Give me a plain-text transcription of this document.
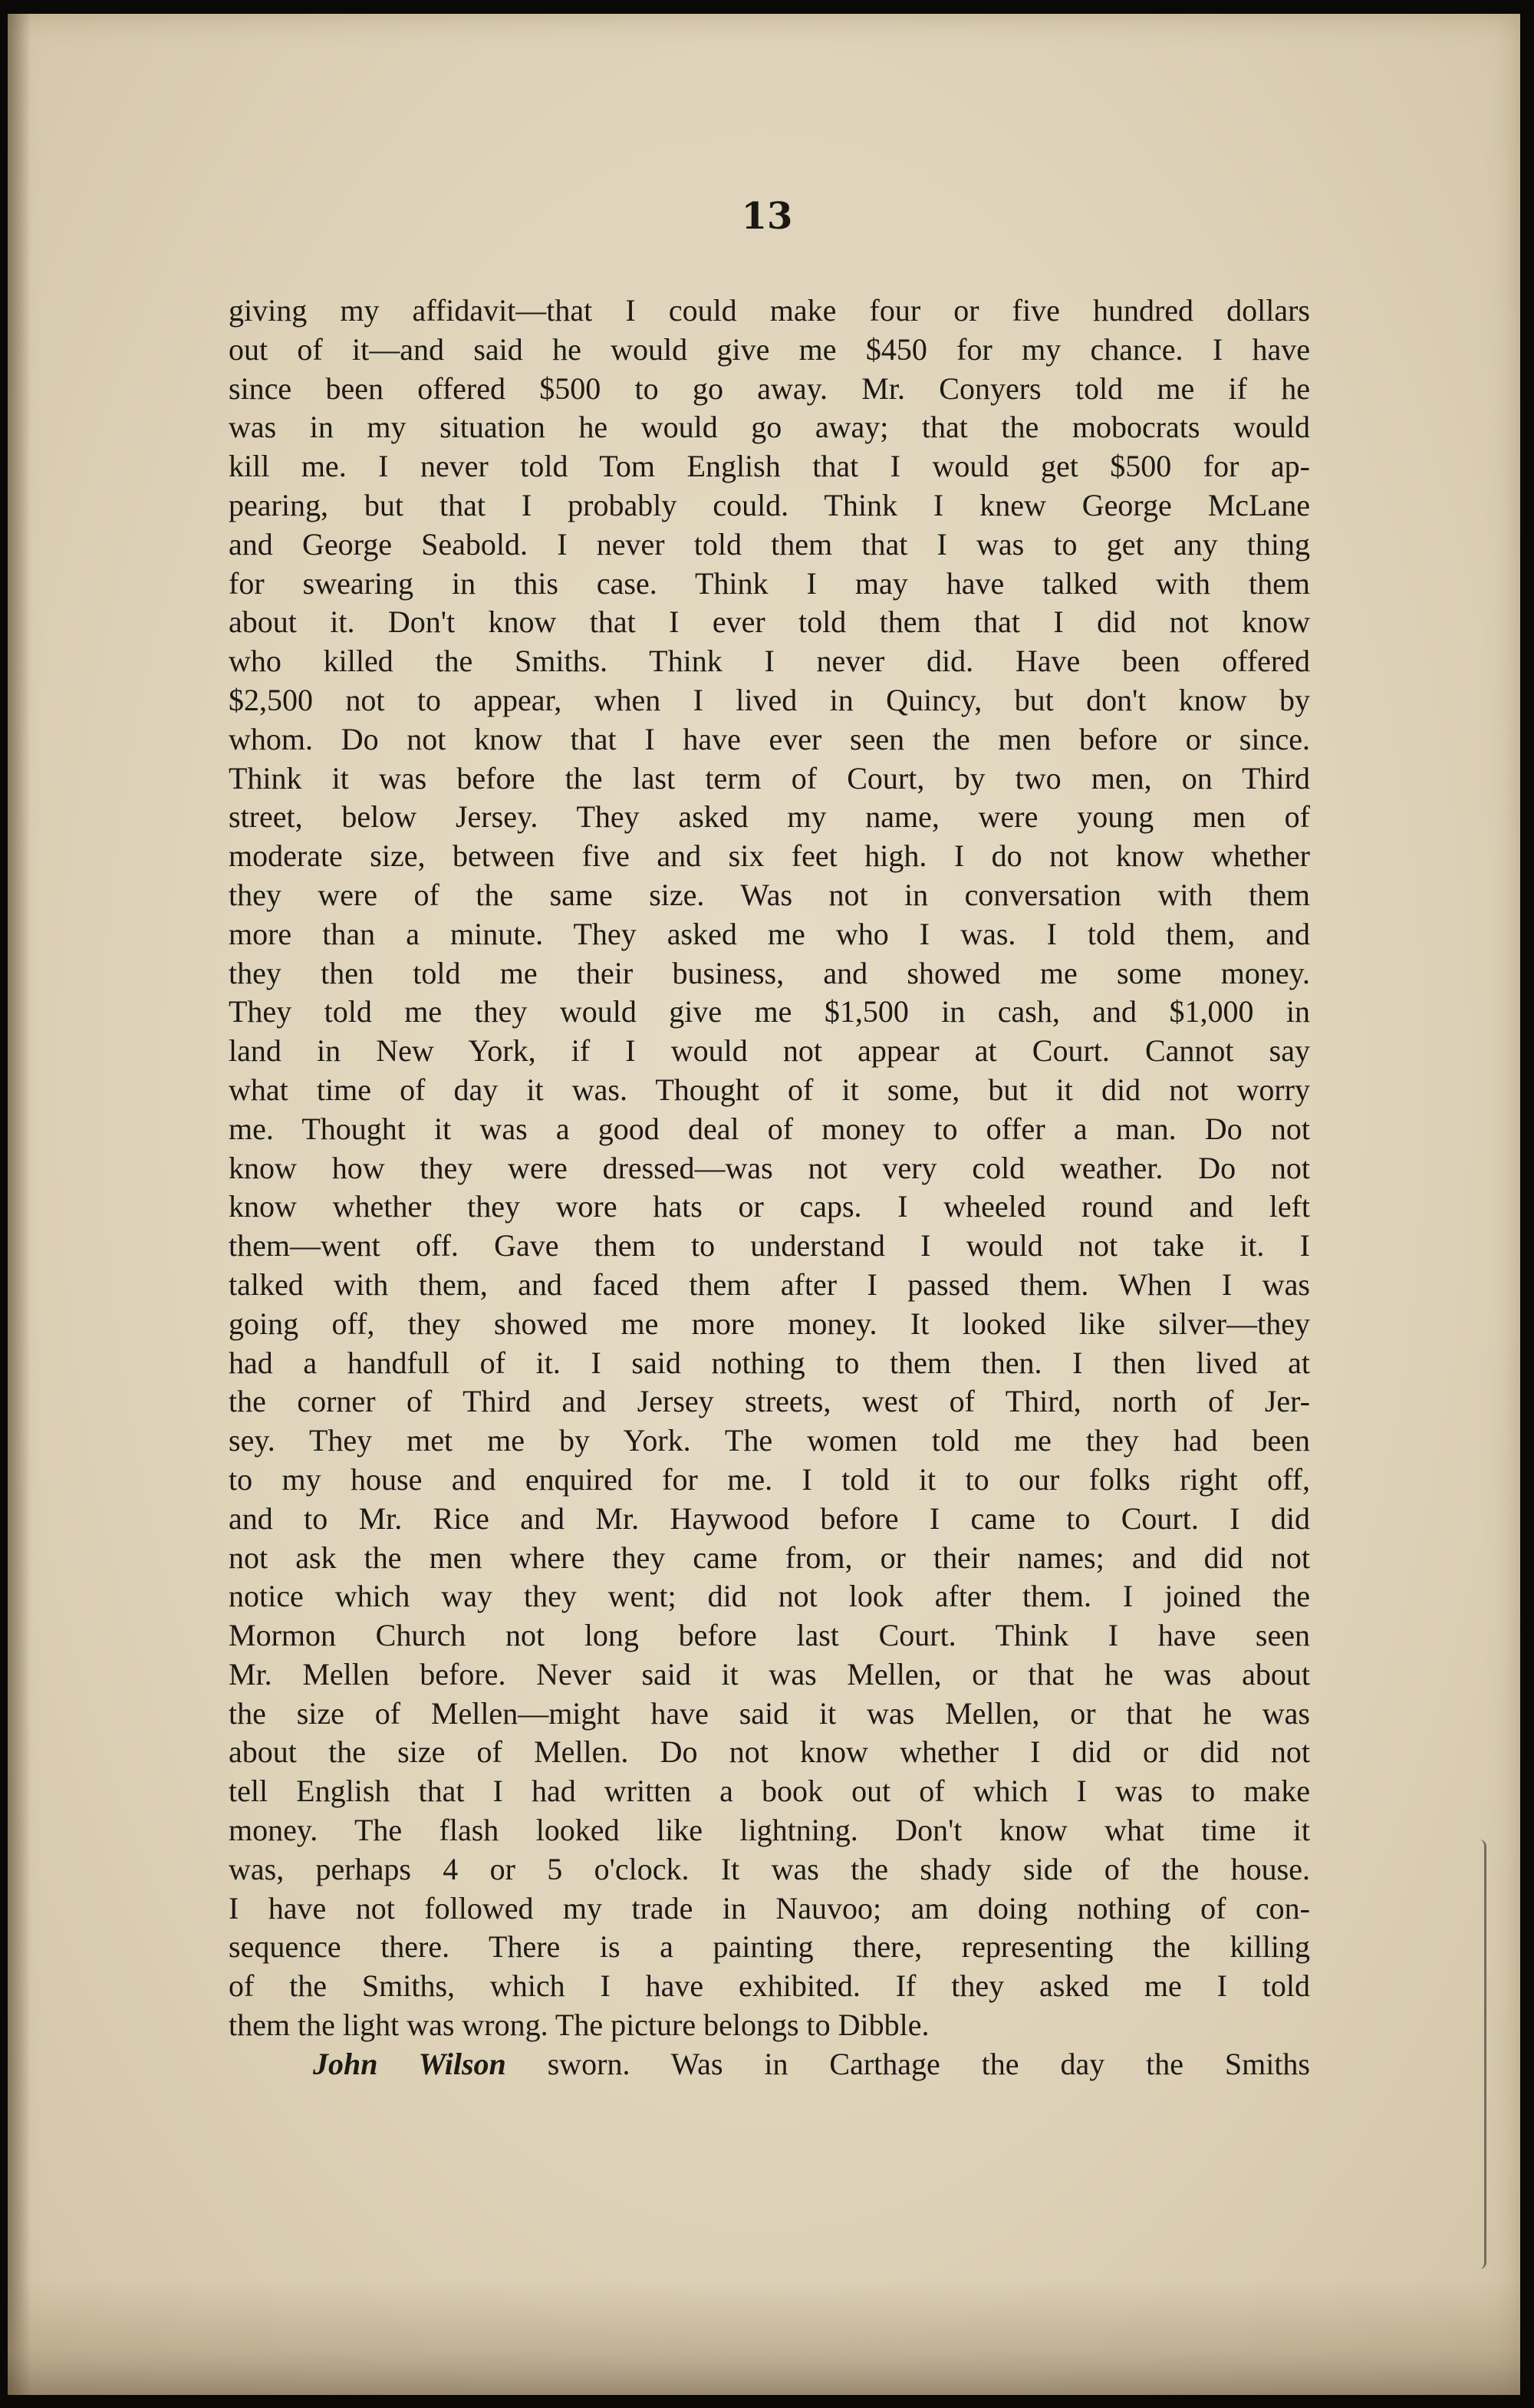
13
giving my affidavit—that I could make four or five hundred dollars
out of it—and said he would give me $450 for my chance. I have
since been offered $500 to go away. Mr. Conyers told me if he
was in my situation he would go away; that the mobocrats would
kill me. I never told Tom English that I would get $500 for ap-
pearing, but that I probably could. Think I knew George McLane
and George Seabold. I never told them that I was to get any thing
for swearing in this case. Think I may have talked with them
about it. Don't know that I ever told them that I did not know
who killed the Smiths. Think I never did. Have been offered
$2,500 not to appear, when I lived in Quincy, but don't know by
whom. Do not know that I have ever seen the men before or since.
Think it was before the last term of Court, by two men, on Third
street, below Jersey. They asked my name, were young men of
moderate size, between five and six feet high. I do not know whether
they were of the same size. Was not in conversation with them
more than a minute. They asked me who I was. I told them, and
they then told me their business, and showed me some money.
They told me they would give me $1,500 in cash, and $1,000 in
land in New York, if I would not appear at Court. Cannot say
what time of day it was. Thought of it some, but it did not worry
me. Thought it was a good deal of money to offer a man. Do not
know how they were dressed—was not very cold weather. Do not
know whether they wore hats or caps. I wheeled round and left
them—went off. Gave them to understand I would not take it. I
talked with them, and faced them after I passed them. When I was
going off, they showed me more money. It looked like silver—they
had a handfull of it. I said nothing to them then. I then lived at
the corner of Third and Jersey streets, west of Third, north of Jer-
sey. They met me by York. The women told me they had been
to my house and enquired for me. I told it to our folks right off,
and to Mr. Rice and Mr. Haywood before I came to Court. I did
not ask the men where they came from, or their names; and did not
notice which way they went; did not look after them. I joined the
Mormon Church not long before last Court. Think I have seen
Mr. Mellen before. Never said it was Mellen, or that he was about
the size of Mellen—might have said it was Mellen, or that he was
about the size of Mellen. Do not know whether I did or did not
tell English that I had written a book out of which I was to make
money. The flash looked like lightning. Don't know what time it
was, perhaps 4 or 5 o'clock. It was the shady side of the house.
I have not followed my trade in Nauvoo; am doing nothing of con-
sequence there. There is a painting there, representing the killing
of the Smiths, which I have exhibited. If they asked me I told
them the light was wrong. The picture belongs to Dibble.
John Wilson sworn. Was in Carthage the day the Smiths
